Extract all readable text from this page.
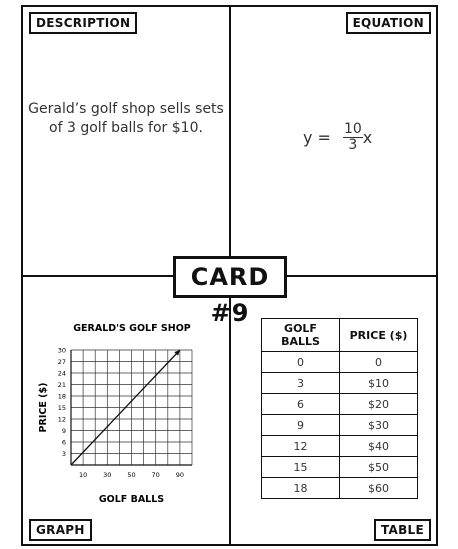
DESCRIPTION	EQUATION
GRAPH	TABLE
Gerald’s golf shop sells sets of 3 golf balls for $10.	$y = \frac{10}{3}$ x
CARD #9
GERALD'S GOLF SHOP
3
6
9
12
15
18
21
24
27
30
10 30 50 70 90
GOLF BALLS
PRICE ($)
GOLF BALLS	PRICE ($)
0	0
3	$10
6	$20
9	$30
12	$40
15	$50
18	$60
